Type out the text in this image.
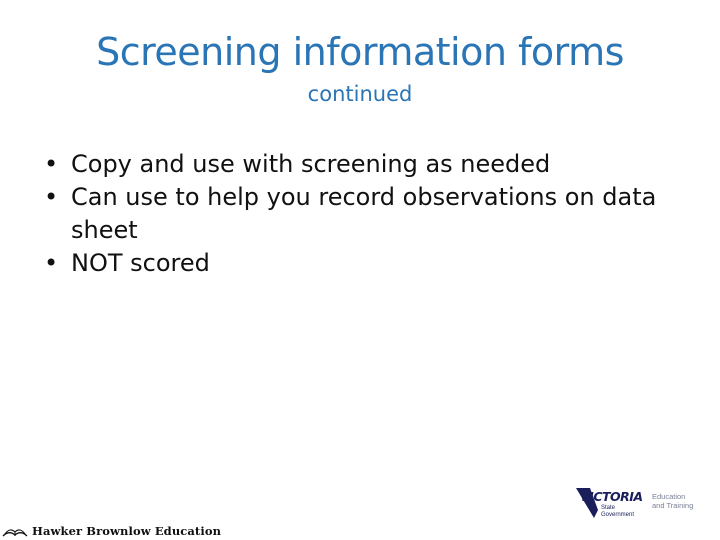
Screening information forms
continued
• Copy and use with screening as needed
• Can use to help you record observations on data sheet
• NOT scored
Hawker Brownlow Education
VICTORIA
State
Government
Education
and Training
